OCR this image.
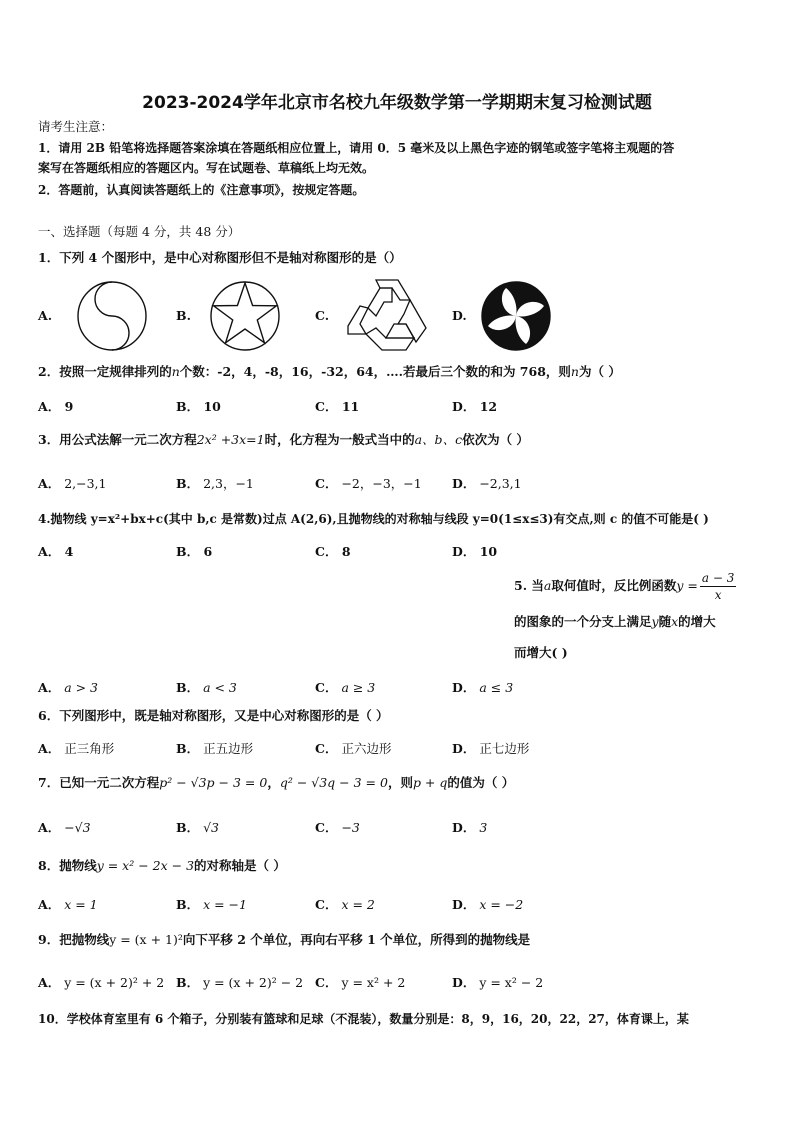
2023-2024学年北京市名校九年级数学第一学期期末复习检测试题
请考生注意：
1．请用 2B 铅笔将选择题答案涂填在答题纸相应位置上，请用 0．5 毫米及以上黑色字迹的钢笔或签字笔将主观题的答
案写在答题纸相应的答题区内。写在试题卷、草稿纸上均无效。
2．答题前，认真阅读答题纸上的《注意事项》，按规定答题。
一、选择题（每题 4 分，共 48 分）
1．下列 4 个图形中，是中心对称图形但不是轴对称图形的是（）
A.	B.	C.	D.
2．按照一定规律排列的n个数：-2，4，-8，16，-32，64，….若最后三个数的和为 768，则n为（ ）
A． 9	B． 10	C． 11	D． 12
3．用公式法解一元二次方程2x² +3x=1时，化方程为一般式当中的a、b、c依次为（ ）
A． 2,−3,1	B． 2,3，−1	C． −2，−3，−1 D． −2,3,1
4.抛物线 y=x²+bx+c(其中 b,c 是常数)过点 A(2,6),且抛物线的对称轴与线段 y=0(1≤x≤3)有交点,则 c 的值不可能是( )
A． 4	B． 6	C． 8	D． 10
5. 当a取何值时，反比例函数$y = \frac{a - 3}{x}$
的图象的一个分支上满足y随x的增大
而增大( )
A． a > 3	B． a < 3	C． a ≥ 3	D． a ≤ 3
6．下列图形中，既是轴对称图形，又是中心对称图形的是（ ）
A． 正三角形	B． 正五边形	C． 正六边形	D． 正七边形
7．已知一元二次方程p² − √3p − 3 = 0，q² − √3q − 3 = 0，则p + q的值为（ ）
A． −√3	B． √3	C． −3	D． 3
8．抛物线y = x² − 2x − 3的对称轴是（ ）
A． x = 1	B． x = −1	C． x = 2	D． x = −2
9．把抛物线y = (x + 1)²向下平移 2 个单位，再向右平移 1 个单位，所得到的抛物线是
A． y = (x + 2)² + 2 B． y = (x + 2)² − 2 C． y = x² + 2	D． y = x² − 2
10．学校体育室里有 6 个箱子，分别装有篮球和足球（不混装），数量分别是：8，9，16，20，22，27，体育课上，某
